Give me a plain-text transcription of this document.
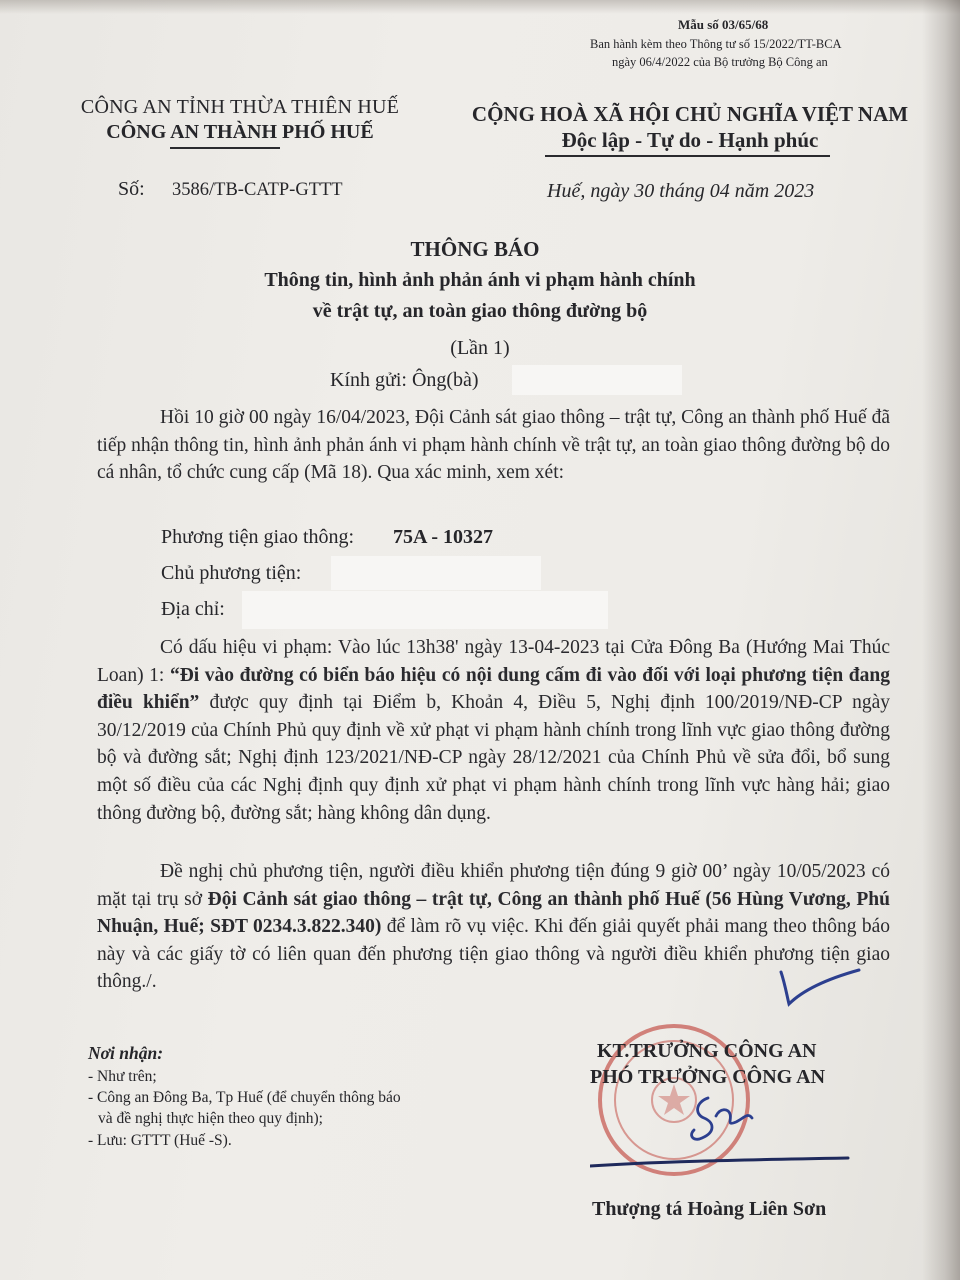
Mẫu số 03/65/68
Ban hành kèm theo Thông tư số 15/2022/TT-BCA
ngày 06/4/2022 của Bộ trưởng Bộ Công an
CÔNG AN TỈNH THỪA THIÊN HUẾ
CÔNG AN THÀNH PHỐ HUẾ
CỘNG HOÀ XÃ HỘI CHỦ NGHĨA VIỆT NAM
Độc lập - Tự do - Hạnh phúc
Số: 3586/TB-CATP-GTTT	Huế, ngày 30 tháng 04 năm 2023
THÔNG BÁO
Thông tin, hình ảnh phản ánh vi phạm hành chính
về trật tự, an toàn giao thông đường bộ
(Lần 1)
Kính gửi: Ông(bà)
Hồi 10 giờ 00 ngày 16/04/2023, Đội Cảnh sát giao thông – trật tự, Công an thành phố Huế đã tiếp nhận thông tin, hình ảnh phản ánh vi phạm hành chính về trật tự, an toàn giao thông đường bộ do cá nhân, tổ chức cung cấp (Mã 18). Qua xác minh, xem xét:
Phương tiện giao thông: 75A - 10327
Chủ phương tiện:
Địa chỉ:
Có dấu hiệu vi phạm: Vào lúc 13h38' ngày 13-04-2023 tại Cửa Đông Ba (Hướng Mai Thúc Loan) 1: “Đi vào đường có biển báo hiệu có nội dung cấm đi vào đối với loại phương tiện đang điều khiển” được quy định tại Điểm b, Khoản 4, Điều 5, Nghị định 100/2019/NĐ-CP ngày 30/12/2019 của Chính Phủ quy định về xử phạt vi phạm hành chính trong lĩnh vực giao thông đường bộ và đường sắt; Nghị định 123/2021/NĐ-CP ngày 28/12/2021 của Chính Phủ về sửa đổi, bổ sung một số điều của các Nghị định quy định xử phạt vi phạm hành chính trong lĩnh vực hàng hải; giao thông đường bộ, đường sắt; hàng không dân dụng.
Đề nghị chủ phương tiện, người điều khiển phương tiện đúng 9 giờ 00’ ngày 10/05/2023 có mặt tại trụ sở Đội Cảnh sát giao thông – trật tự, Công an thành phố Huế (56 Hùng Vương, Phú Nhuận, Huế; SĐT 0234.3.822.340) để làm rõ vụ việc. Khi đến giải quyết phải mang theo thông báo này và các giấy tờ có liên quan đến phương tiện giao thông và người điều khiển phương tiện giao thông./.
Nơi nhận:
- Như trên;
- Công an Đông Ba, Tp Huế (để chuyển thông báo
và đề nghị thực hiện theo quy định);
- Lưu: GTTT (Huế -S).
KT.TRƯỞNG CÔNG AN
PHÓ TRƯỞNG CÔNG AN
Thượng tá Hoàng Liên Sơn
